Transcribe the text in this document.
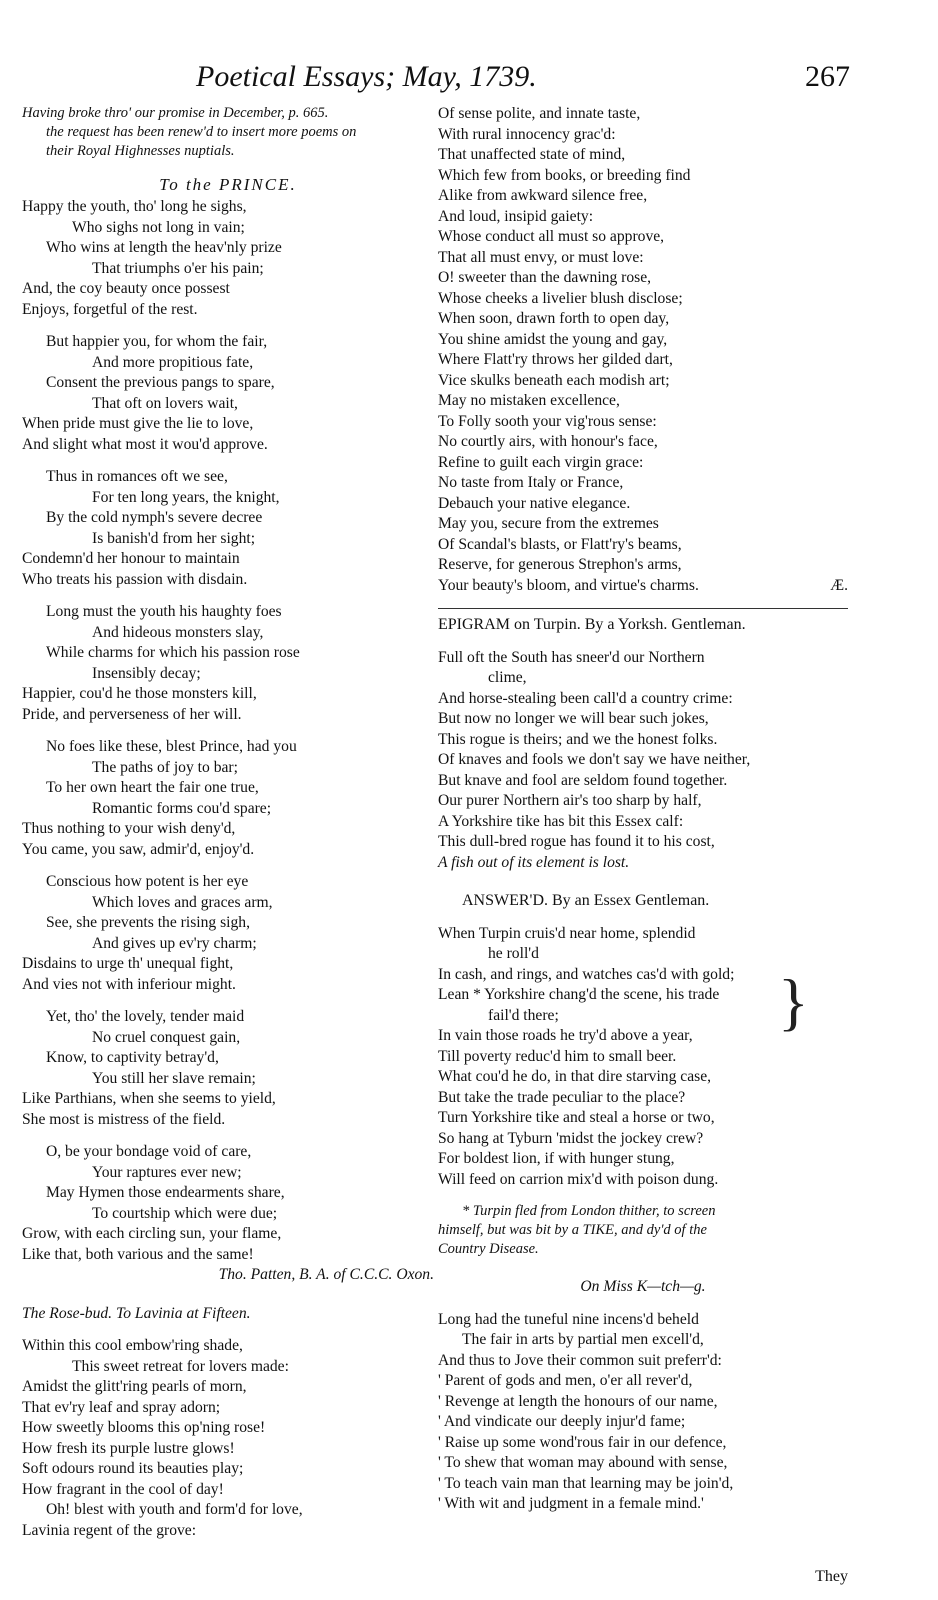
Poetical Essays; May, 1739.	267
Having broke thro' our promise in December, p. 665.
the request has been renew'd to insert more poems on
their Royal Highnesses nuptials.
To the PRINCE.
Happy the youth, tho' long he sighs,
Who sighs not long in vain;
Who wins at length the heav'nly prize
That triumphs o'er his pain;
And, the coy beauty once possest
Enjoys, forgetful of the rest.
But happier you, for whom the fair,
And more propitious fate,
Consent the previous pangs to spare,
That oft on lovers wait,
When pride must give the lie to love,
And slight what most it wou'd approve.
Thus in romances oft we see,
For ten long years, the knight,
By the cold nymph's severe decree
Is banish'd from her sight;
Condemn'd her honour to maintain
Who treats his passion with disdain.
Long must the youth his haughty foes
And hideous monsters slay,
While charms for which his passion rose
Insensibly decay;
Happier, cou'd he those monsters kill,
Pride, and perverseness of her will.
No foes like these, blest Prince, had you
The paths of joy to bar;
To her own heart the fair one true,
Romantic forms cou'd spare;
Thus nothing to your wish deny'd,
You came, you saw, admir'd, enjoy'd.
Conscious how potent is her eye
Which loves and graces arm,
See, she prevents the rising sigh,
And gives up ev'ry charm;
Disdains to urge th' unequal fight,
And vies not with inferiour might.
Yet, tho' the lovely, tender maid
No cruel conquest gain,
Know, to captivity betray'd,
You still her slave remain;
Like Parthians, when she seems to yield,
She most is mistress of the field.
O, be your bondage void of care,
Your raptures ever new;
May Hymen those endearments share,
To courtship which were due;
Grow, with each circling sun, your flame,
Like that, both various and the same!
Tho. Patten, B. A. of C.C.C. Oxon.
The Rose-bud. To Lavinia at Fifteen.
Within this cool embow'ring shade,
This sweet retreat for lovers made:
Amidst the glitt'ring pearls of morn,
That ev'ry leaf and spray adorn;
How sweetly blooms this op'ning rose!
How fresh its purple lustre glows!
Soft odours round its beauties play;
How fragrant in the cool of day!
Oh! blest with youth and form'd for love,
Lavinia regent of the grove:
Of sense polite, and innate taste,
With rural innocency grac'd:
That unaffected state of mind,
Which few from books, or breeding find
Alike from awkward silence free,
And loud, insipid gaiety:
Whose conduct all must so approve,
That all must envy, or must love:
O! sweeter than the dawning rose,
Whose cheeks a livelier blush disclose;
When soon, drawn forth to open day,
You shine amidst the young and gay,
Where Flatt'ry throws her gilded dart,
Vice skulks beneath each modish art;
May no mistaken excellence,
To Folly sooth your vig'rous sense:
No courtly airs, with honour's face,
Refine to guilt each virgin grace:
No taste from Italy or France,
Debauch your native elegance.
May you, secure from the extremes
Of Scandal's blasts, or Flatt'ry's beams,
Reserve, for generous Strephon's arms,
Your beauty's bloom, and virtue's charms.	Æ.
EPIGRAM on Turpin. By a Yorksh. Gentleman.
Full oft the South has sneer'd our Northern
clime,
And horse-stealing been call'd a country crime:
But now no longer we will bear such jokes,
This rogue is theirs; and we the honest folks.
Of knaves and fools we don't say we have neither,
But knave and fool are seldom found together.
Our purer Northern air's too sharp by half,
A Yorkshire tike has bit this Essex calf:
This dull-bred rogue has found it to his cost,
A fish out of its element is lost.
ANSWER'D. By an Essex Gentleman.
When Turpin cruis'd near home, splendid
he roll'd
In cash, and rings, and watches cas'd with gold;
Lean * Yorkshire chang'd the scene, his trade
fail'd there;
In vain those roads he try'd above a year,
Till poverty reduc'd him to small beer.
What cou'd he do, in that dire starving case,
But take the trade peculiar to the place?
Turn Yorkshire tike and steal a horse or two,
So hang at Tyburn 'midst the jockey crew?
For boldest lion, if with hunger stung,
Will feed on carrion mix'd with poison dung.
* Turpin fled from London thither, to screen
himself, but was bit by a TIKE, and dy'd of the
Country Disease.
On Miss K—tch—g.
Long had the tuneful nine incens'd beheld
The fair in arts by partial men excell'd,
And thus to Jove their common suit preferr'd:
' Parent of gods and men, o'er all rever'd,
' Revenge at length the honours of our name,
' And vindicate our deeply injur'd fame;
' Raise up some wond'rous fair in our defence,
' To shew that woman may abound with sense,
' To teach vain man that learning may be join'd,
' With wit and judgment in a female mind.'
}
They
